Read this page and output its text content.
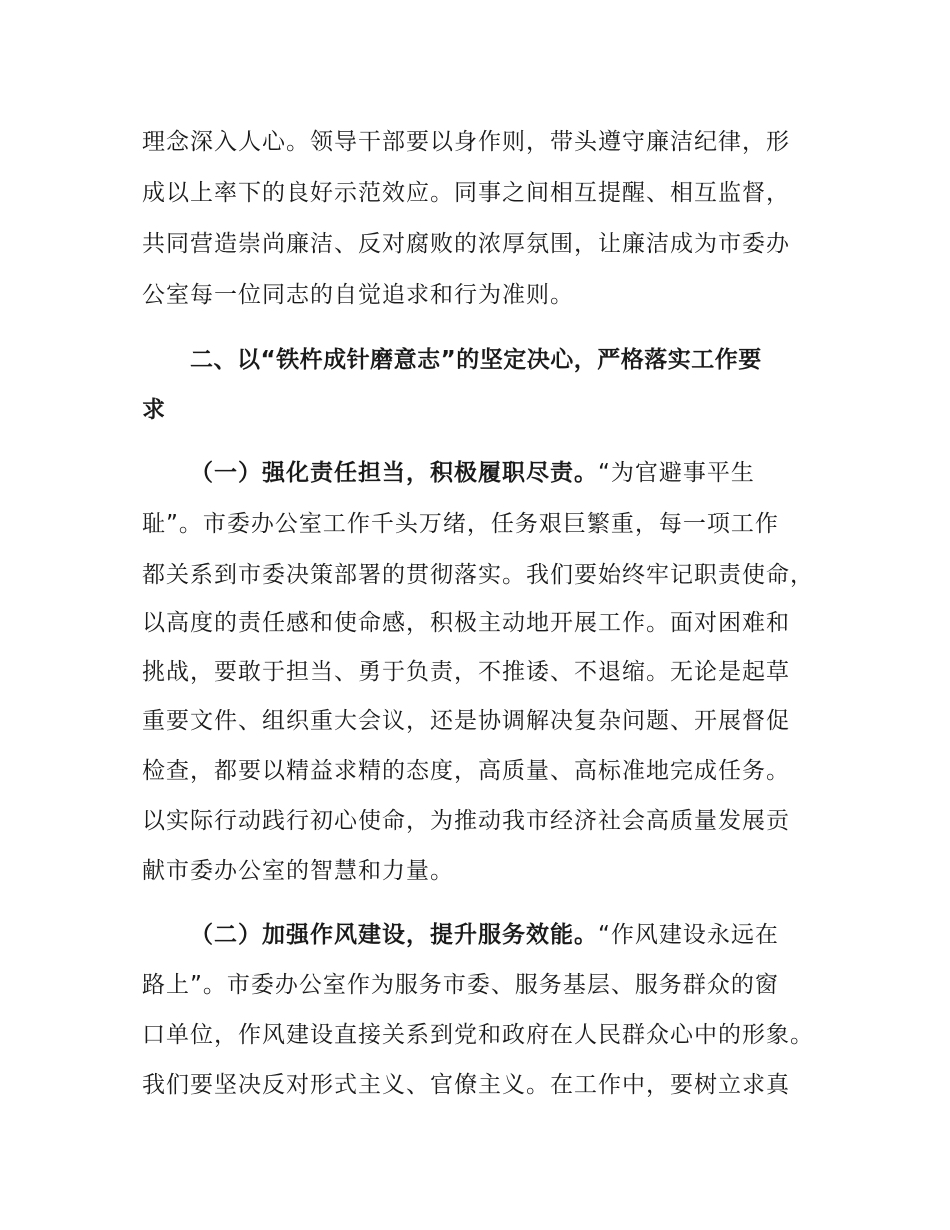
理念深入人心。领导干部要以身作则，带头遵守廉洁纪律，形
成以上率下的良好示范效应。同事之间相互提醒、相互监督，
共同营造崇尚廉洁、反对腐败的浓厚氛围，让廉洁成为市委办
公室每一位同志的自觉追求和行为准则。
二、以“铁杵成针磨意志”的坚定决心，严格落实工作要
求
（一）强化责任担当，积极履职尽责。“为官避事平生
耻”。市委办公室工作千头万绪，任务艰巨繁重，每一项工作
都关系到市委决策部署的贯彻落实。我们要始终牢记职责使命，
以高度的责任感和使命感，积极主动地开展工作。面对困难和
挑战，要敢于担当、勇于负责，不推诿、不退缩。无论是起草
重要文件、组织重大会议，还是协调解决复杂问题、开展督促
检查，都要以精益求精的态度，高质量、高标准地完成任务。
以实际行动践行初心使命，为推动我市经济社会高质量发展贡
献市委办公室的智慧和力量。
（二）加强作风建设，提升服务效能。“作风建设永远在
路上”。市委办公室作为服务市委、服务基层、服务群众的窗
口单位，作风建设直接关系到党和政府在人民群众心中的形象。
我们要坚决反对形式主义、官僚主义。在工作中，要树立求真
